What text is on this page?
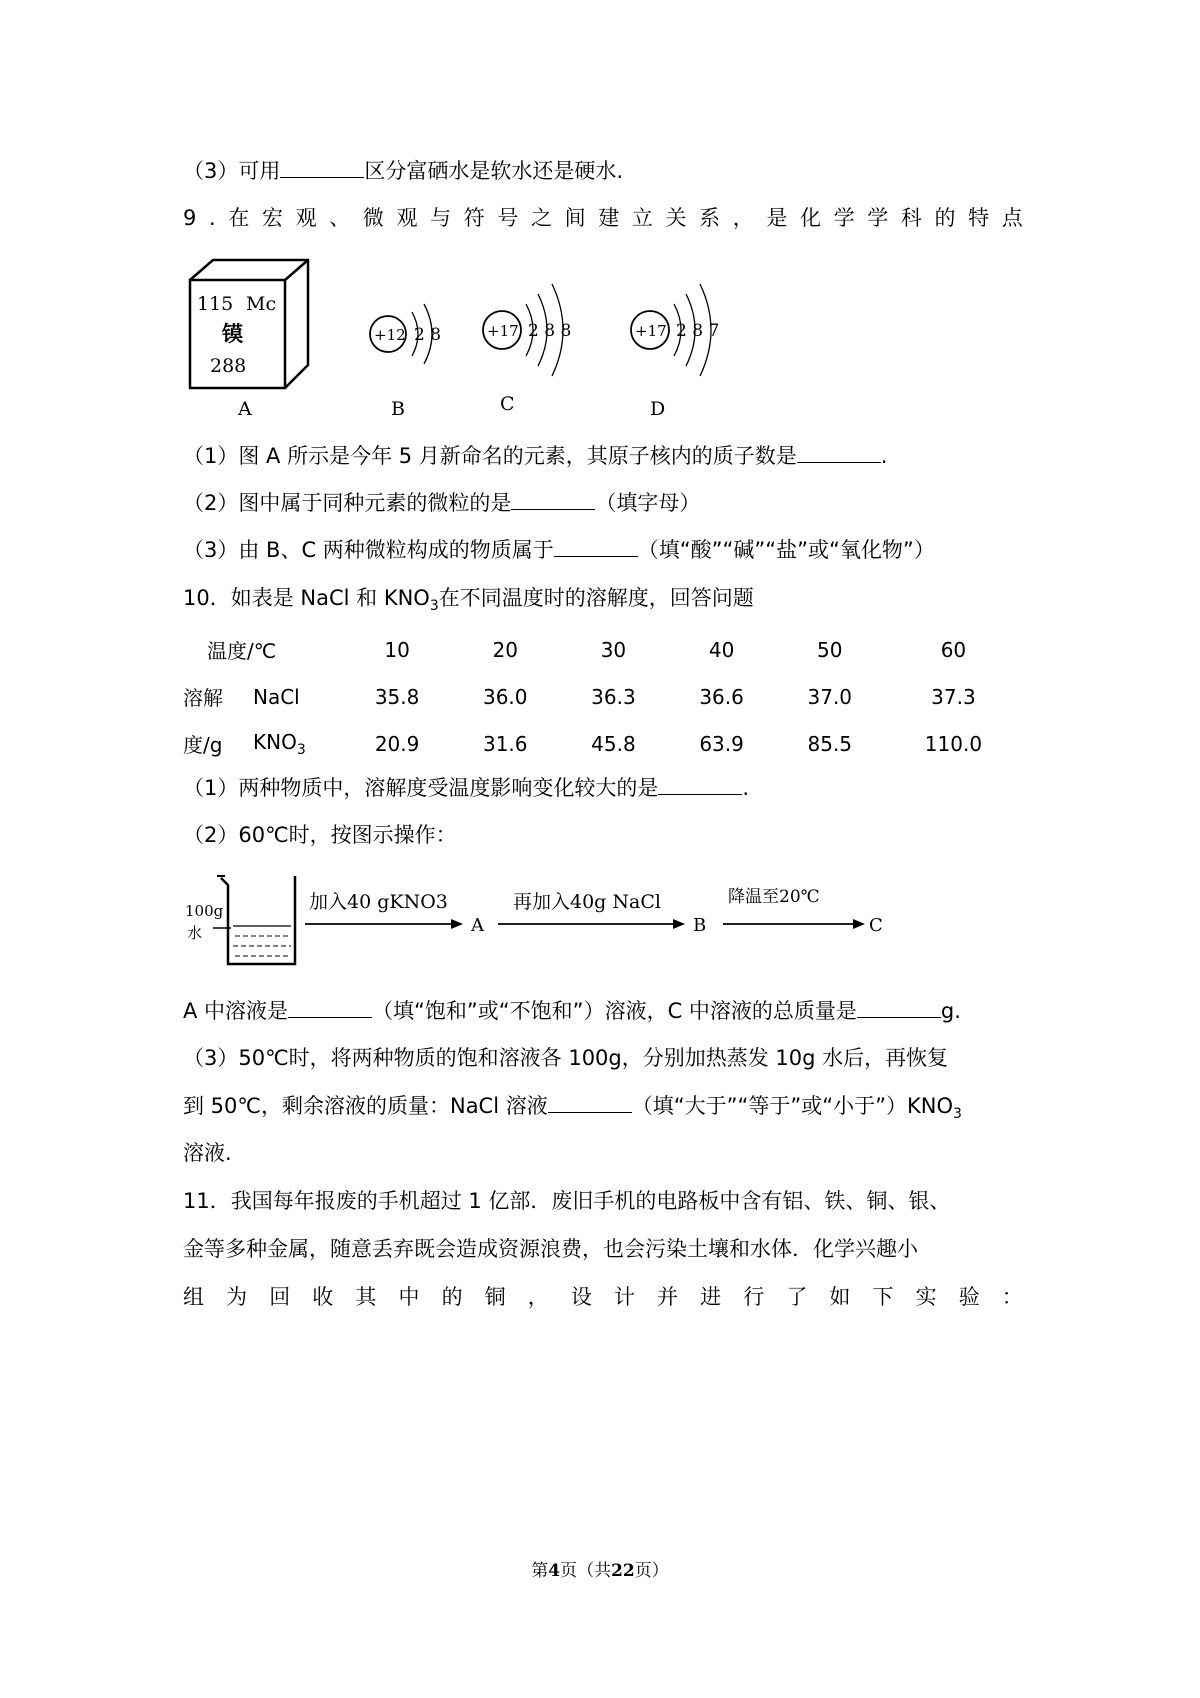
（3）可用	区分富硒水是软水还是硬水.
9 . 在 宏 观 、 微 观 与 符 号 之 间 建 立 关 系 ， 是 化 学 学 科 的 特 点
115 Mc
镆
288
A
+12 2 8
B
+17 2 8 8
C
+17 2 8 7
D
（1）图 A 所示是今年 5 月新命名的元素，其原子核内的质子数是	.
（2）图中属于同种元素的微粒的是	（填字母）
（3）由 B、C 两种微粒构成的物质属于	（填“酸”“碱”“盐”或“氧化物”）
10．如表是 NaCl 和 $KNO_3$在不同温度时的溶解度，回答问题
温度/℃		10	20	30	40	50	60
溶解	NaCl	35.8	36.0	36.3	36.6	37.0	37.3
度/g	$KNO_3$	20.9	31.6	45.8	63.9	85.5	110.0
（1）两种物质中，溶解度受温度影响变化较大的是	.
（2）60℃时，按图示操作：
100g
水
加入40 gKNO3
A
再加入40g NaCl
B
降温至20℃
C
A 中溶液是	（填“饱和”或“不饱和”）溶液，C 中溶液的总质量是	g.
（3）50℃时，将两种物质的饱和溶液各 100g，分别加热蒸发 10g 水后，再恢复
到 50℃，剩余溶液的质量：NaCl 溶液	（填“大于”“等于”或“小于$”)KNO_3$
溶液.
11．我国每年报废的手机超过 1 亿部．废旧手机的电路板中含有铝、铁、铜、银、
金等多种金属，随意丢弃既会造成资源浪费，也会污染土壤和水体．化学兴趣小
组 为 回 收 其 中 的 铜 ， 设 计 并 进 行 了 如 下 实 验 ：
第4页（共22页）
